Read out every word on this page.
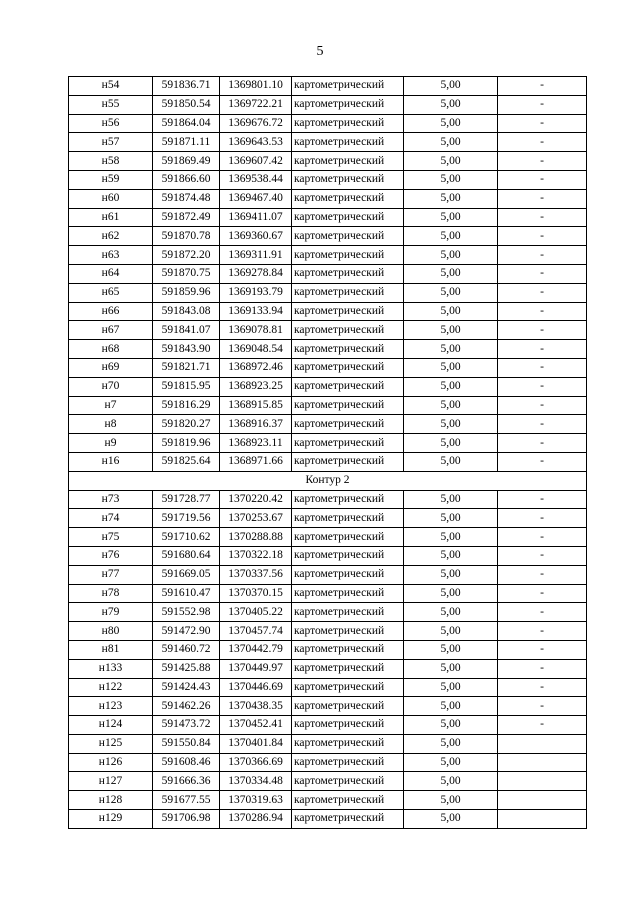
5
н54	591836.71	1369801.10	картометрический	5,00	-
н55	591850.54	1369722.21	картометрический	5,00	-
н56	591864.04	1369676.72	картометрический	5,00	-
н57	591871.11	1369643.53	картометрический	5,00	-
н58	591869.49	1369607.42	картометрический	5,00	-
н59	591866.60	1369538.44	картометрический	5,00	-
н60	591874.48	1369467.40	картометрический	5,00	-
н61	591872.49	1369411.07	картометрический	5,00	-
н62	591870.78	1369360.67	картометрический	5,00	-
н63	591872.20	1369311.91	картометрический	5,00	-
н64	591870.75	1369278.84	картометрический	5,00	-
н65	591859.96	1369193.79	картометрический	5,00	-
н66	591843.08	1369133.94	картометрический	5,00	-
н67	591841.07	1369078.81	картометрический	5,00	-
н68	591843.90	1369048.54	картометрический	5,00	-
н69	591821.71	1368972.46	картометрический	5,00	-
н70	591815.95	1368923.25	картометрический	5,00	-
н7	591816.29	1368915.85	картометрический	5,00	-
н8	591820.27	1368916.37	картометрический	5,00	-
н9	591819.96	1368923.11	картометрический	5,00	-
н16	591825.64	1368971.66	картометрический	5,00	-
Контур 2					
н73	591728.77	1370220.42	картометрический	5,00	-
н74	591719.56	1370253.67	картометрический	5,00	-
н75	591710.62	1370288.88	картометрический	5,00	-
н76	591680.64	1370322.18	картометрический	5,00	-
н77	591669.05	1370337.56	картометрический	5,00	-
н78	591610.47	1370370.15	картометрический	5,00	-
н79	591552.98	1370405.22	картометрический	5,00	-
н80	591472.90	1370457.74	картометрический	5,00	-
н81	591460.72	1370442.79	картометрический	5,00	-
н133	591425.88	1370449.97	картометрический	5,00	-
н122	591424.43	1370446.69	картометрический	5,00	-
н123	591462.26	1370438.35	картометрический	5,00	-
н124	591473.72	1370452.41	картометрический	5,00	-
н125	591550.84	1370401.84	картометрический	5,00	
н126	591608.46	1370366.69	картометрический	5,00	
н127	591666.36	1370334.48	картометрический	5,00	
н128	591677.55	1370319.63	картометрический	5,00	
н129	591706.98	1370286.94	картометрический	5,00	
